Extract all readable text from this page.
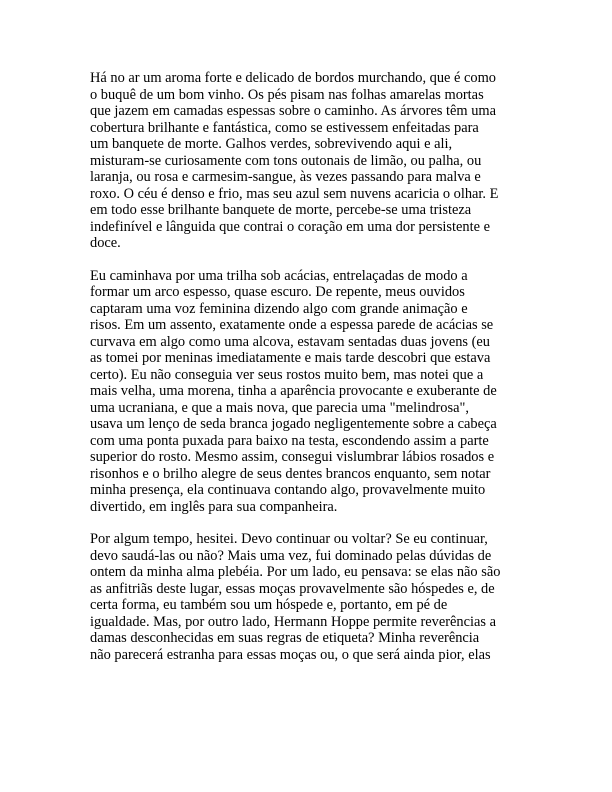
Há no ar um aroma forte e delicado de bordos murchando, que é como
o buquê de um bom vinho. Os pés pisam nas folhas amarelas mortas
que jazem em camadas espessas sobre o caminho. As árvores têm uma
cobertura brilhante e fantástica, como se estivessem enfeitadas para
um banquete de morte. Galhos verdes, sobrevivendo aqui e ali,
misturam-se curiosamente com tons outonais de limão, ou palha, ou
laranja, ou rosa e carmesim-sangue, às vezes passando para malva e
roxo. O céu é denso e frio, mas seu azul sem nuvens acaricia o olhar. E
em todo esse brilhante banquete de morte, percebe-se uma tristeza
indefinível e lânguida que contrai o coração em uma dor persistente e
doce.

Eu caminhava por uma trilha sob acácias, entrelaçadas de modo a
formar um arco espesso, quase escuro. De repente, meus ouvidos
captaram uma voz feminina dizendo algo com grande animação e
risos. Em um assento, exatamente onde a espessa parede de acácias se
curvava em algo como uma alcova, estavam sentadas duas jovens (eu
as tomei por meninas imediatamente e mais tarde descobri que estava
certo). Eu não conseguia ver seus rostos muito bem, mas notei que a
mais velha, uma morena, tinha a aparência provocante e exuberante de
uma ucraniana, e que a mais nova, que parecia uma "melindrosa",
usava um lenço de seda branca jogado negligentemente sobre a cabeça
com uma ponta puxada para baixo na testa, escondendo assim a parte
superior do rosto. Mesmo assim, consegui vislumbrar lábios rosados e
risonhos e o brilho alegre de seus dentes brancos enquanto, sem notar
minha presença, ela continuava contando algo, provavelmente muito
divertido, em inglês para sua companheira.

Por algum tempo, hesitei. Devo continuar ou voltar? Se eu continuar,
devo saudá-las ou não? Mais uma vez, fui dominado pelas dúvidas de
ontem da minha alma plebéia. Por um lado, eu pensava: se elas não são
as anfitriãs deste lugar, essas moças provavelmente são hóspedes e, de
certa forma, eu também sou um hóspede e, portanto, em pé de
igualdade. Mas, por outro lado, Hermann Hoppe permite reverências a
damas desconhecidas em suas regras de etiqueta? Minha reverência
não parecerá estranha para essas moças ou, o que será ainda pior, elas
